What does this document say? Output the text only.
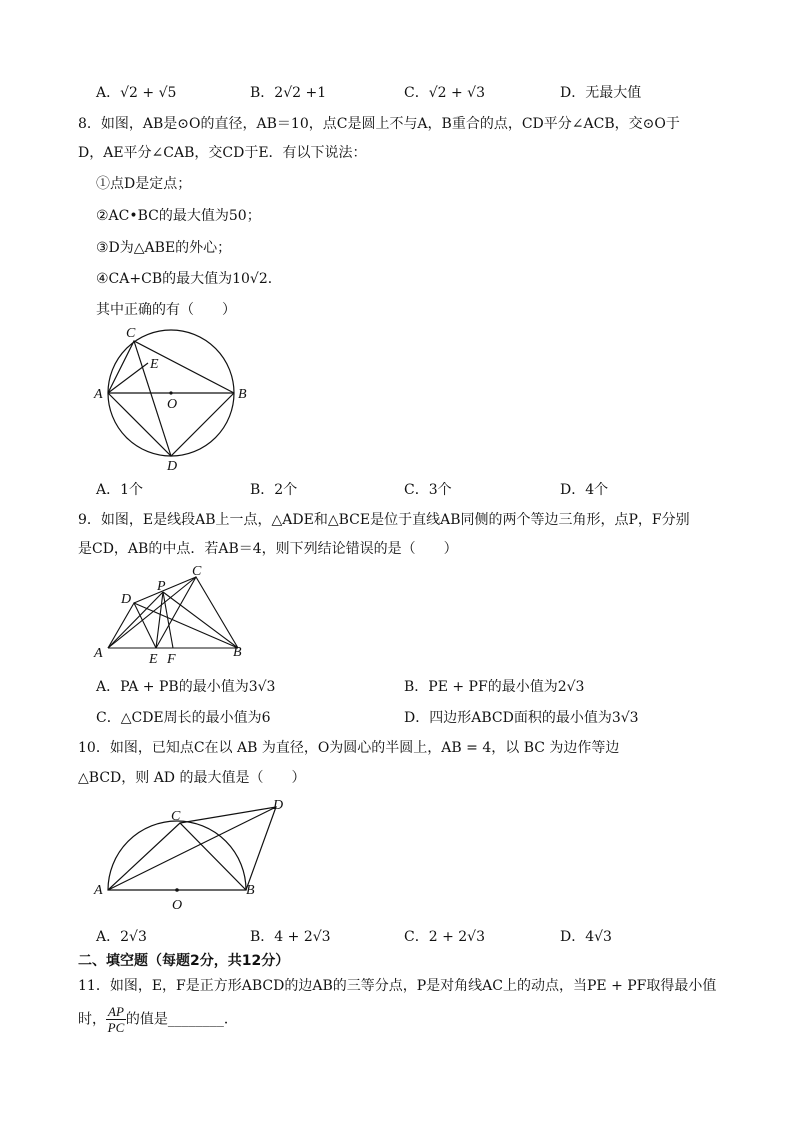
A．√2 + √5	B．2√2 +1	C．√2 + √3	D．无最大值
8．如图，AB是⊙O的直径，AB＝10，点C是圆上不与A，B重合的点，CD平分∠ACB，交⊙O于
D，AE平分∠CAB，交CD于E．有以下说法：
①点D是定点；
②AC•BC的最大值为50；
③D为△ABE的外心；
④CA+CB的最大值为10√2．
其中正确的有（　　）
C
E
A	B
O
D
A．1个	B．2个	C．3个	D．4个
9．如图，E是线段AB上一点，△ADE和△BCE是位于直线AB同侧的两个等边三角形，点P，F分别
是CD，AB的中点．若AB＝4，则下列结论错误的是（　　）
P
C
D
A	E F	B
A．PA + PB的最小值为3√3	B．PE + PF的最小值为2√3
C．△CDE周长的最小值为6	D．四边形ABCD面积的最小值为3√3
10．如图，已知点C在以 AB 为直径，O为圆心的半圆上，AB = 4，以 BC 为边作等边
△BCD，则 AD 的最大值是（　　）
C
D
A	B
O
A．2√3	B．4 + 2√3	C．2 + 2√3	D．4√3
二、填空题（每题2分，共12分）
11．如图，E，F是正方形ABCD的边AB的三等分点，P是对角线AC上的动点，当PE + PF取得最小值
时， $\frac{AP}{PC}$ 的值是________．
